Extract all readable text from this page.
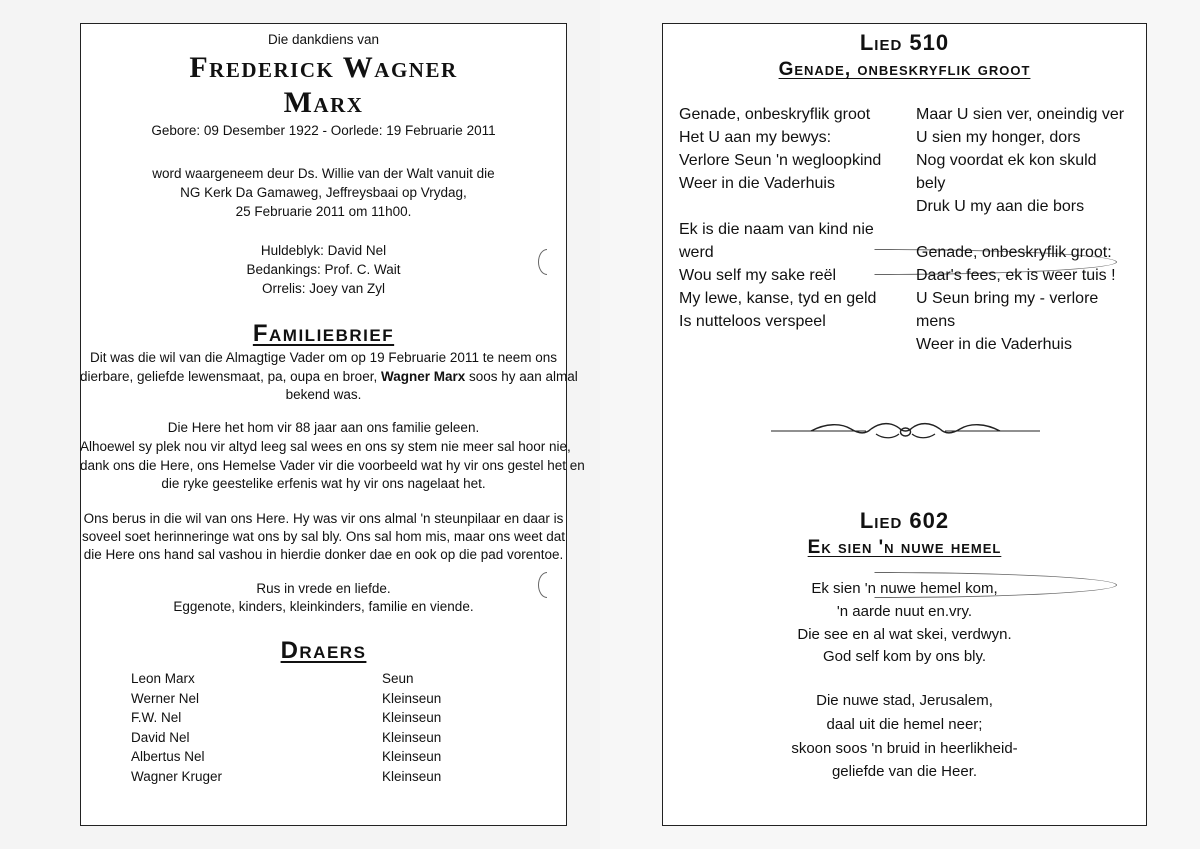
Die dankdiens van
Frederick Wagner
Marx
Gebore: 09 Desember 1922 - Oorlede: 19 Februarie 2011
word waargeneem deur Ds. Willie van der Walt vanuit die
NG Kerk Da Gamaweg, Jeffreysbaai op Vrydag,
25 Februarie 2011 om 11h00.
Huldeblyk: David Nel
Bedankings: Prof. C. Wait
Orrelis: Joey van Zyl
Familiebrief
Dit was die wil van die Almagtige Vader om op 19 Februarie 2011 te neem ons
dierbare, geliefde lewensmaat, pa, oupa en broer, Wagner Marx soos hy aan almal
bekend was.
Die Here het hom vir 88 jaar aan ons familie geleen.
Alhoewel sy plek nou vir altyd leeg sal wees en ons sy stem nie meer sal hoor nie,
dank ons die Here, ons Hemelse Vader vir die voorbeeld wat hy vir ons gestel het en
die ryke geestelike erfenis wat hy vir ons nagelaat het.
Ons berus in die wil van ons Here. Hy was vir ons almal 'n steunpilaar en daar is
soveel soet herinneringe wat ons by sal bly. Ons sal hom mis, maar ons weet dat
die Here ons hand sal vashou in hierdie donker dae en ook op die pad vorentoe.
Rus in vrede en liefde.
Eggenote, kinders, kleinkinders, familie en viende.
Draers
Leon Marx	Seun
Werner Nel	Kleinseun
F.W. Nel	Kleinseun
David Nel	Kleinseun
Albertus Nel	Kleinseun
Wagner Kruger	Kleinseun
Lied 510
Genade, onbeskryflik groot
Genade, onbeskryflik groot
Het U aan my bewys:
Verlore Seun 'n wegloopkind
Weer in die Vaderhuis
Ek is die naam van kind nie
werd
Wou self my sake reël
My lewe, kanse, tyd en geld
Is nutteloos verspeel
Maar U sien ver, oneindig ver
U sien my honger, dors
Nog voordat ek kon skuld
bely
Druk U my aan die bors
Genade, onbeskryflik groot:
Daar's fees, ek is weer tuis !
U Seun bring my - verlore
mens
Weer in die Vaderhuis
Lied 602
Ek sien 'n nuwe hemel
Ek sien 'n nuwe hemel kom,
'n aarde nuut en.vry.
Die see en al wat skei, verdwyn.
God self kom by ons bly.
Die nuwe stad, Jerusalem,
daal uit die hemel neer;
skoon soos 'n bruid in heerlikheid-
geliefde van die Heer.
